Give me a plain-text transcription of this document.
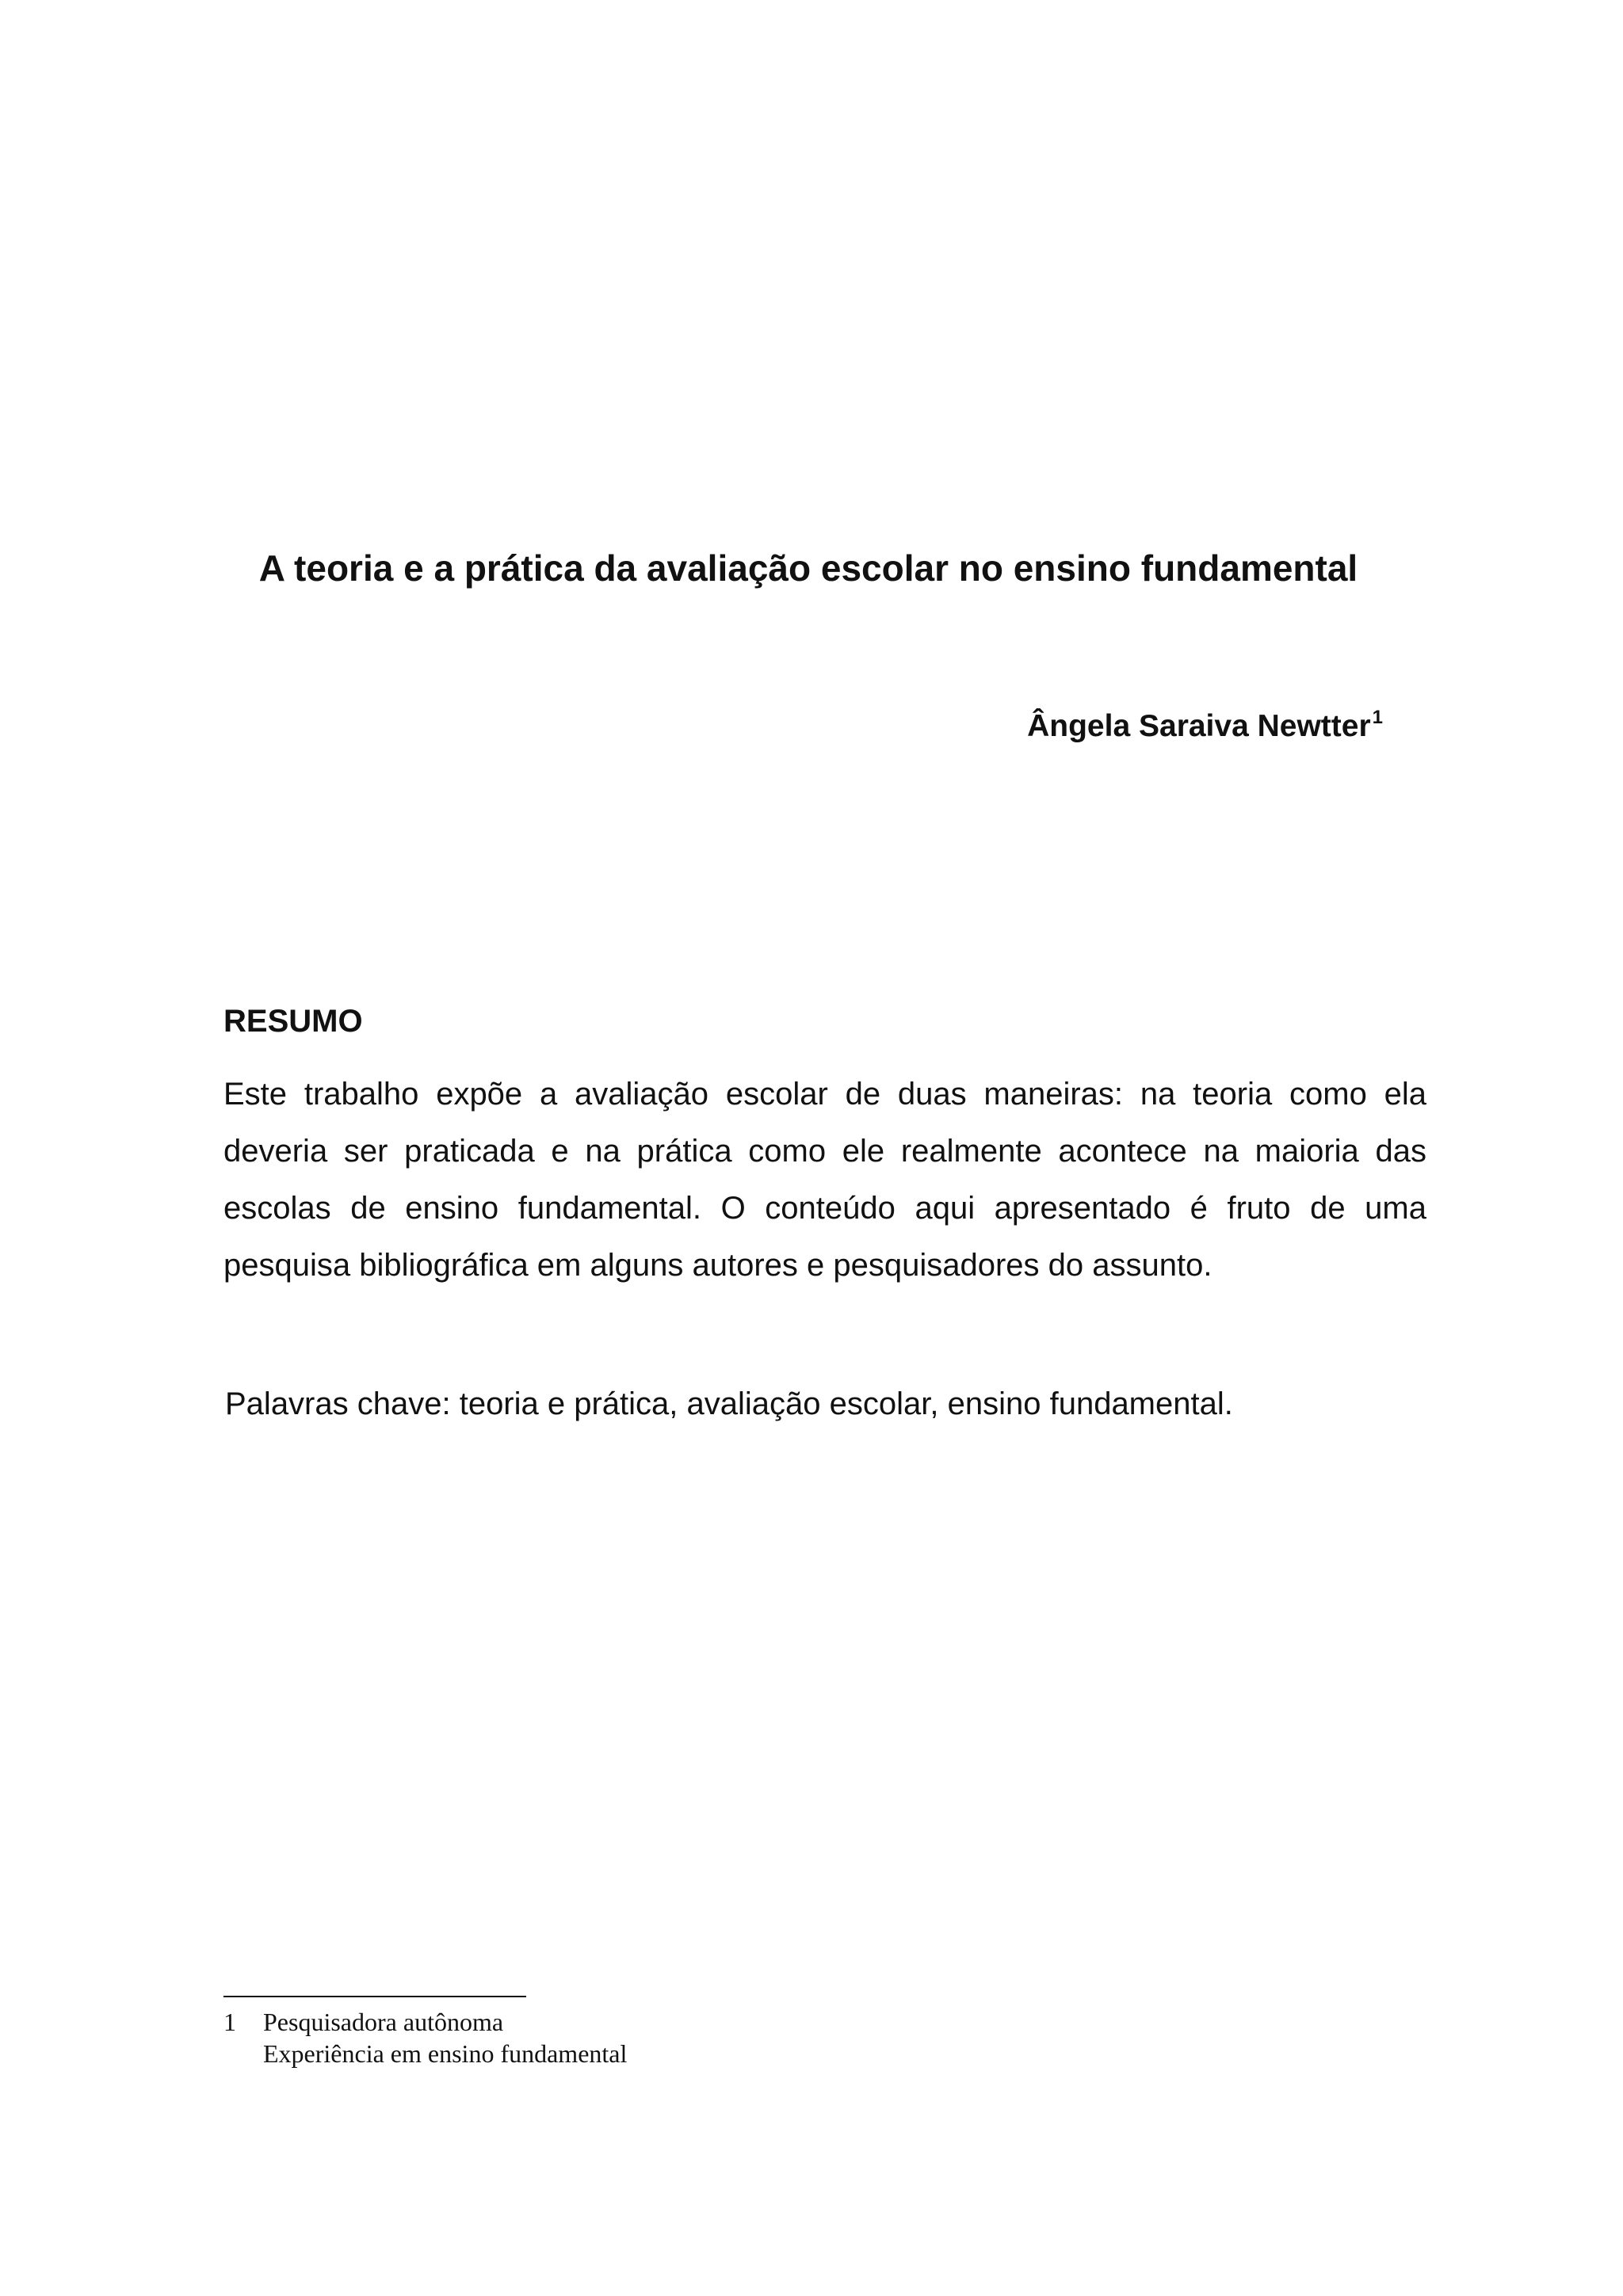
A teoria e a prática da avaliação escolar no ensino fundamental
Ângela Saraiva Newtter$^1$
RESUMO

Este trabalho expõe a avaliação escolar de duas maneiras: na teoria como ela deveria ser praticada e na prática como ele realmente acontece na maioria das escolas de ensino fundamental. O conteúdo aqui apresentado é fruto de uma pesquisa bibliográfica em alguns autores e pesquisadores do assunto.

Palavras chave: teoria e prática, avaliação escolar, ensino fundamental.

1 Pesquisadora autônoma
Experiência em ensino fundamental
